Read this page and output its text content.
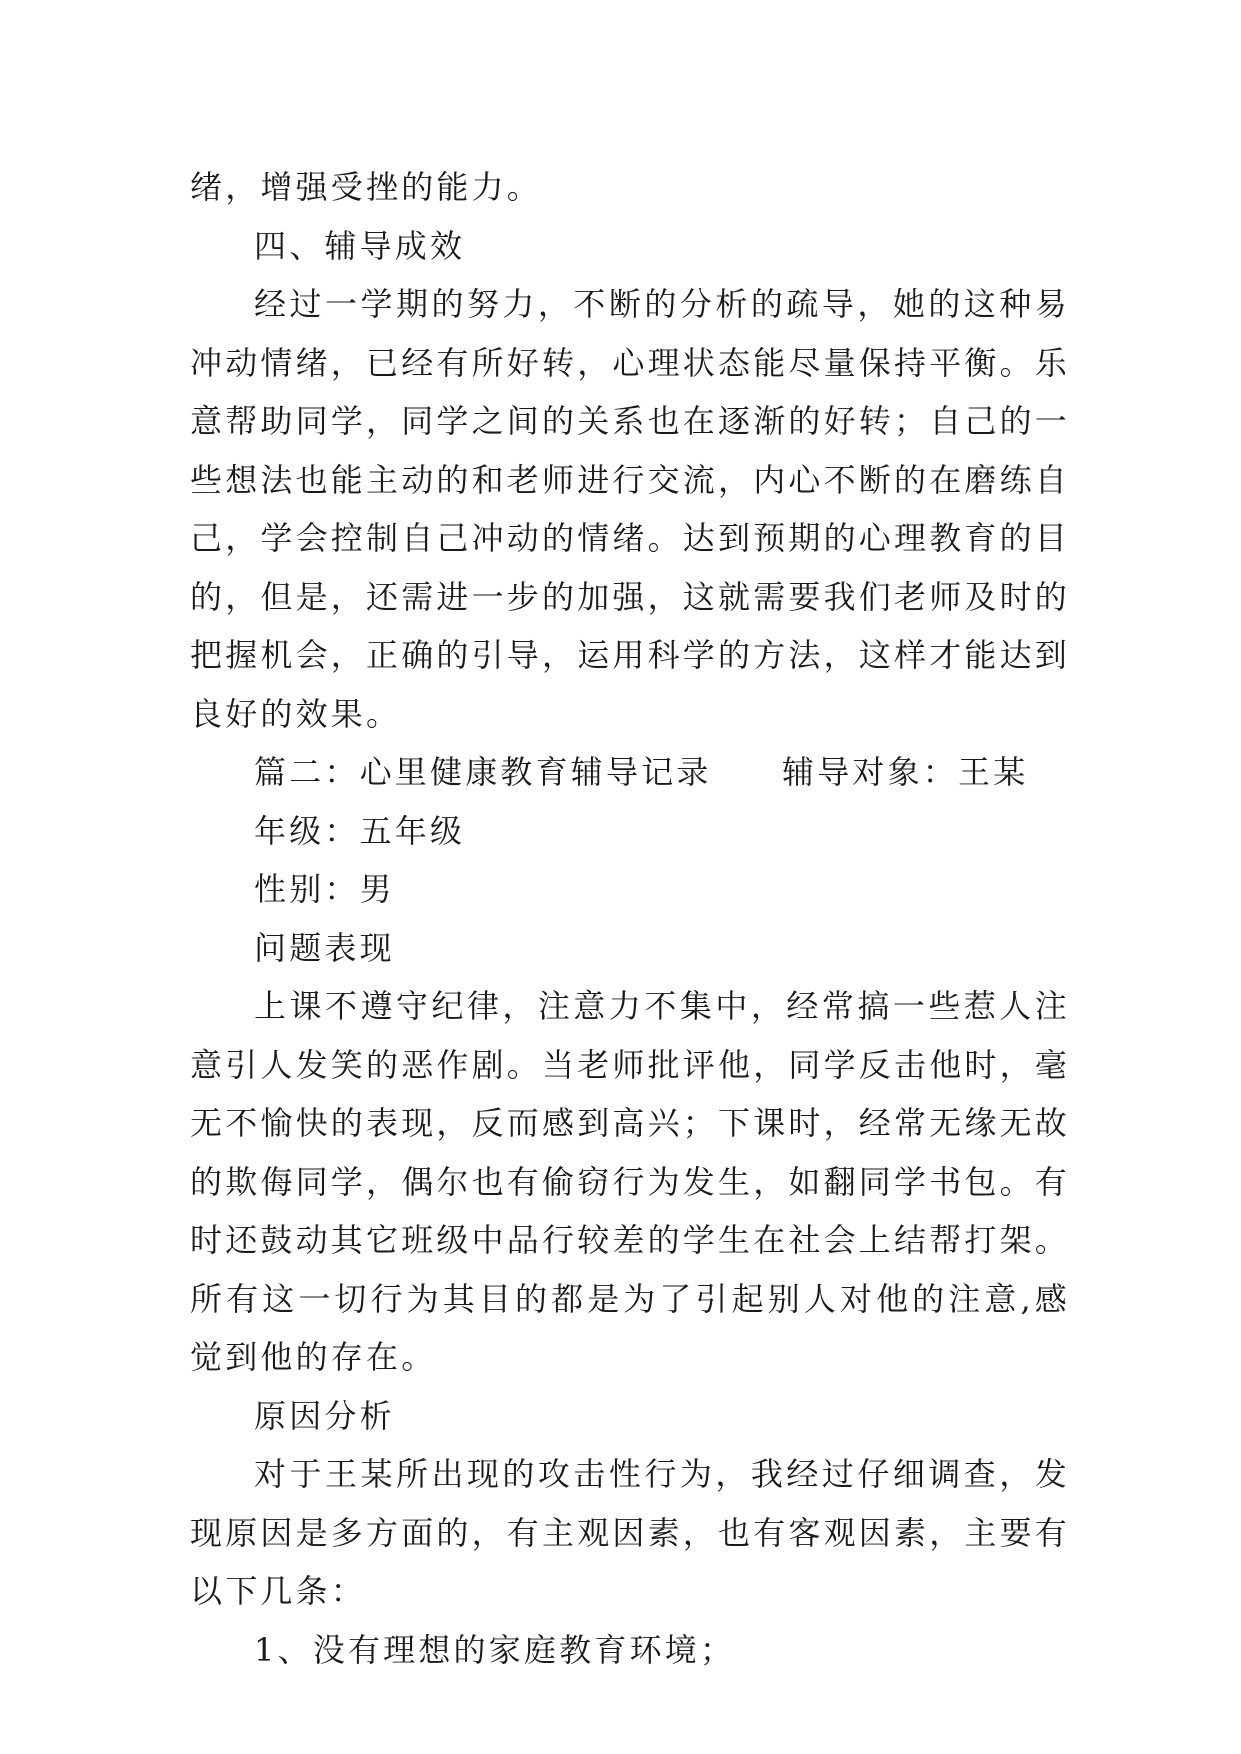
绪，增强受挫的能力。

四、辅导成效

经过一学期的努力，不断的分析的疏导，她的这种易冲动情绪，已经有所好转，心理状态能尽量保持平衡。乐意帮助同学，同学之间的关系也在逐渐的好转；自己的一些想法也能主动的和老师进行交流，内心不断的在磨练自己，学会控制自己冲动的情绪。达到预期的心理教育的目的，但是，还需进一步的加强，这就需要我们老师及时的把握机会，正确的引导，运用科学的方法，这样才能达到良好的效果。

篇二：心里健康教育辅导记录　　辅导对象：王某

年级：五年级

性别：男

问题表现

上课不遵守纪律，注意力不集中，经常搞一些惹人注意引人发笑的恶作剧。当老师批评他，同学反击他时，毫无不愉快的表现，反而感到高兴；下课时，经常无缘无故的欺侮同学，偶尔也有偷窃行为发生，如翻同学书包。有时还鼓动其它班级中品行较差的学生在社会上结帮打架。所有这一切行为其目的都是为了引起别人对他的注意,感觉到他的存在。

原因分析

对于王某所出现的攻击性行为，我经过仔细调查，发现原因是多方面的，有主观因素，也有客观因素，主要有以下几条：

1、没有理想的家庭教育环境；
